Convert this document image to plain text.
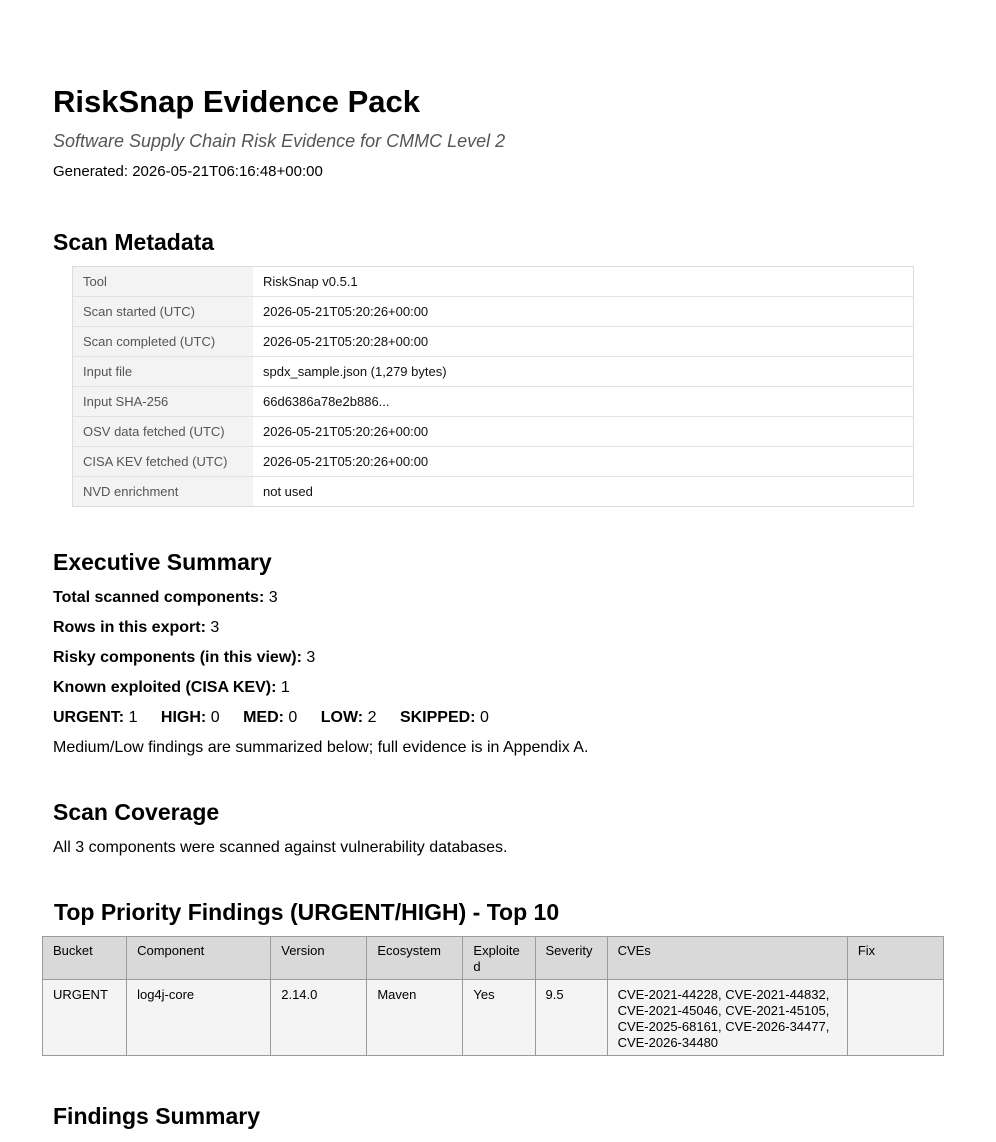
RiskSnap Evidence Pack

Software Supply Chain Risk Evidence for CMMC Level 2

Generated: 2026-05-21T06:16:48+00:00

Scan Metadata
Tool	RiskSnap v0.5.1
Scan started (UTC)	2026-05-21T05:20:26+00:00
Scan completed (UTC)	2026-05-21T05:20:28+00:00
Input file	spdx_sample.json (1,279 bytes)
Input SHA-256	66d6386a78e2b886...
OSV data fetched (UTC)	2026-05-21T05:20:26+00:00
CISA KEV fetched (UTC)	2026-05-21T05:20:26+00:00
NVD enrichment	not used
Executive Summary

Total scanned components: 3

Rows in this export: 3

Risky components (in this view): 3

Known exploited (CISA KEV): 1

URGENT: 1 HIGH: 0 MED: 0 LOW: 2 SKIPPED: 0

Medium/Low findings are summarized below; full evidence is in Appendix A.

Scan Coverage

All 3 components were scanned against vulnerability databases.

Top Priority Findings (URGENT/HIGH) - Top 10
Bucket	Component	Version	Ecosystem	Exploited	Severity	CVEs	Fix
URGENT	log4j-core	2.14.0	Maven	Yes	9.5	CVE-2021-44228, CVE-2021-44832, CVE-2021-45046, CVE-2021-45105, CVE-2025-68161, CVE-2026-34477, CVE-2026-34480	
Findings Summary
